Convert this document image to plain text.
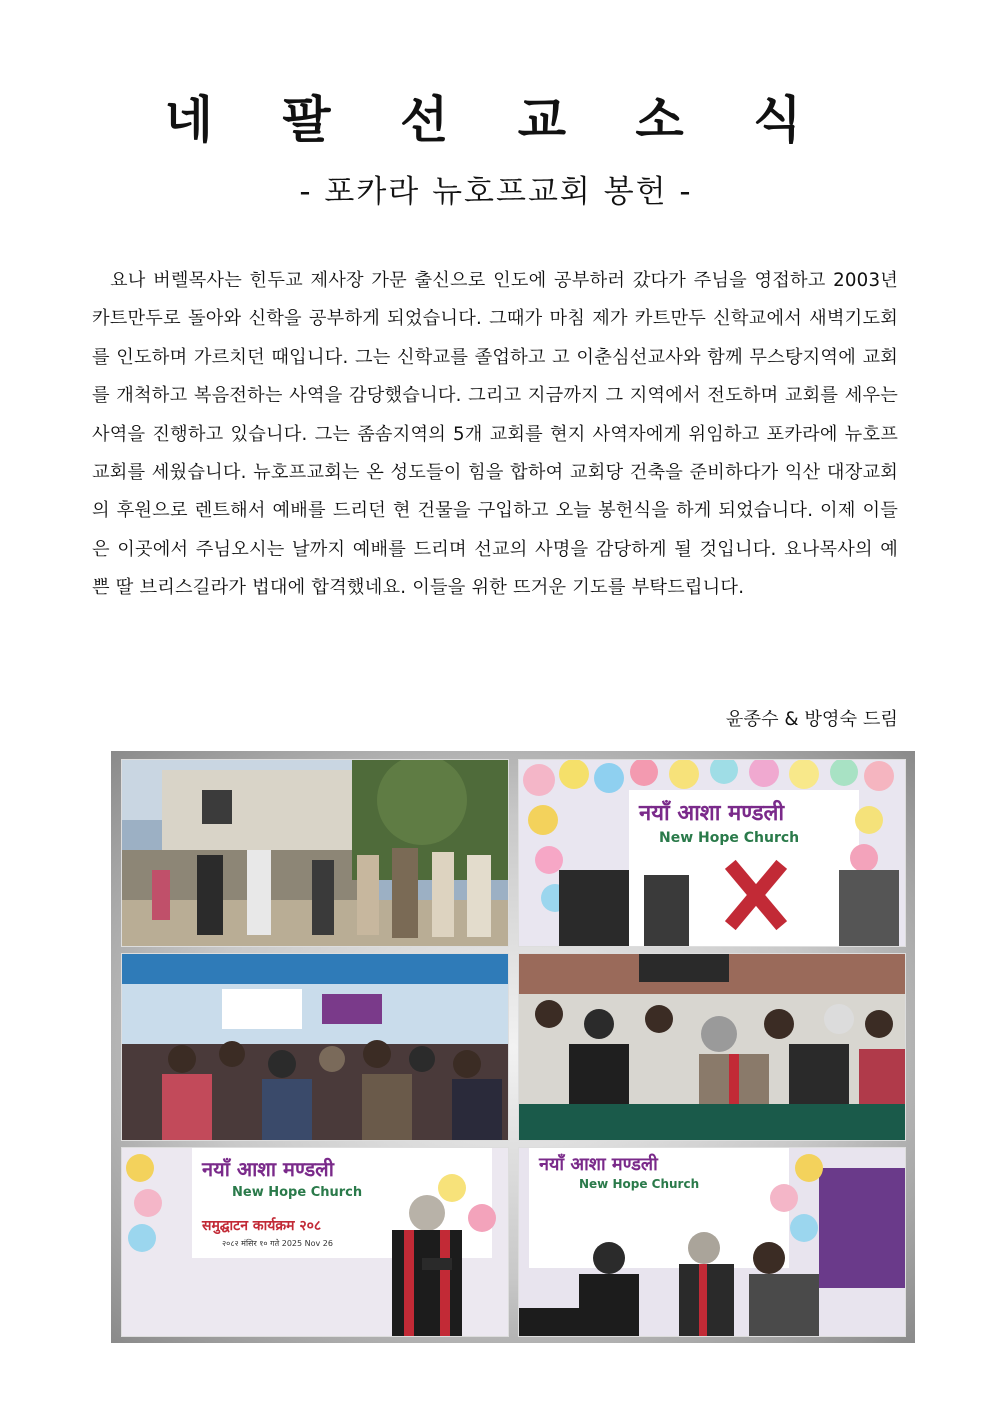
네 팔 선 교 소 식
- 포카라 뉴호프교회 봉헌 -
요나 버렐목사는 힌두교 제사장 가문 출신으로 인도에 공부하러 갔다가 주님을 영접하고 2003년 카트만두로 돌아와 신학을 공부하게 되었습니다. 그때가 마침 제가 카트만두 신학교에서 새벽기도회를 인도하며 가르치던 때입니다. 그는 신학교를 졸업하고 고 이춘심선교사와 함께 무스탕지역에 교회를 개척하고 복음전하는 사역을 감당했습니다. 그리고 지금까지 그 지역에서 전도하며 교회를 세우는 사역을 진행하고 있습니다. 그는 좀솜지역의 5개 교회를 현지 사역자에게 위임하고 포카라에 뉴호프교회를 세웠습니다. 뉴호프교회는 온 성도들이 힘을 합하여 교회당 건축을 준비하다가 익산 대장교회의 후원으로 렌트해서 예배를 드리던 현 건물을 구입하고 오늘 봉헌식을 하게 되었습니다. 이제 이들은 이곳에서 주님오시는 날까지 예배를 드리며 선교의 사명을 감당하게 될 것입니다. 요나목사의 예쁜 딸 브리스길라가 법대에 합격했네요. 이들을 위한 뜨거운 기도를 부탁드립니다.
윤종수 & 방영숙 드림
नयाँ आशा मण्डली
New Hope Church
नयाँ आशा मण्डली
New Hope Church
समुद्घाटन कार्यक्रम २०८
२०८२ मंसिर १० गते 2025 Nov 26
नयाँ आशा मण्डली
New Hope Church
